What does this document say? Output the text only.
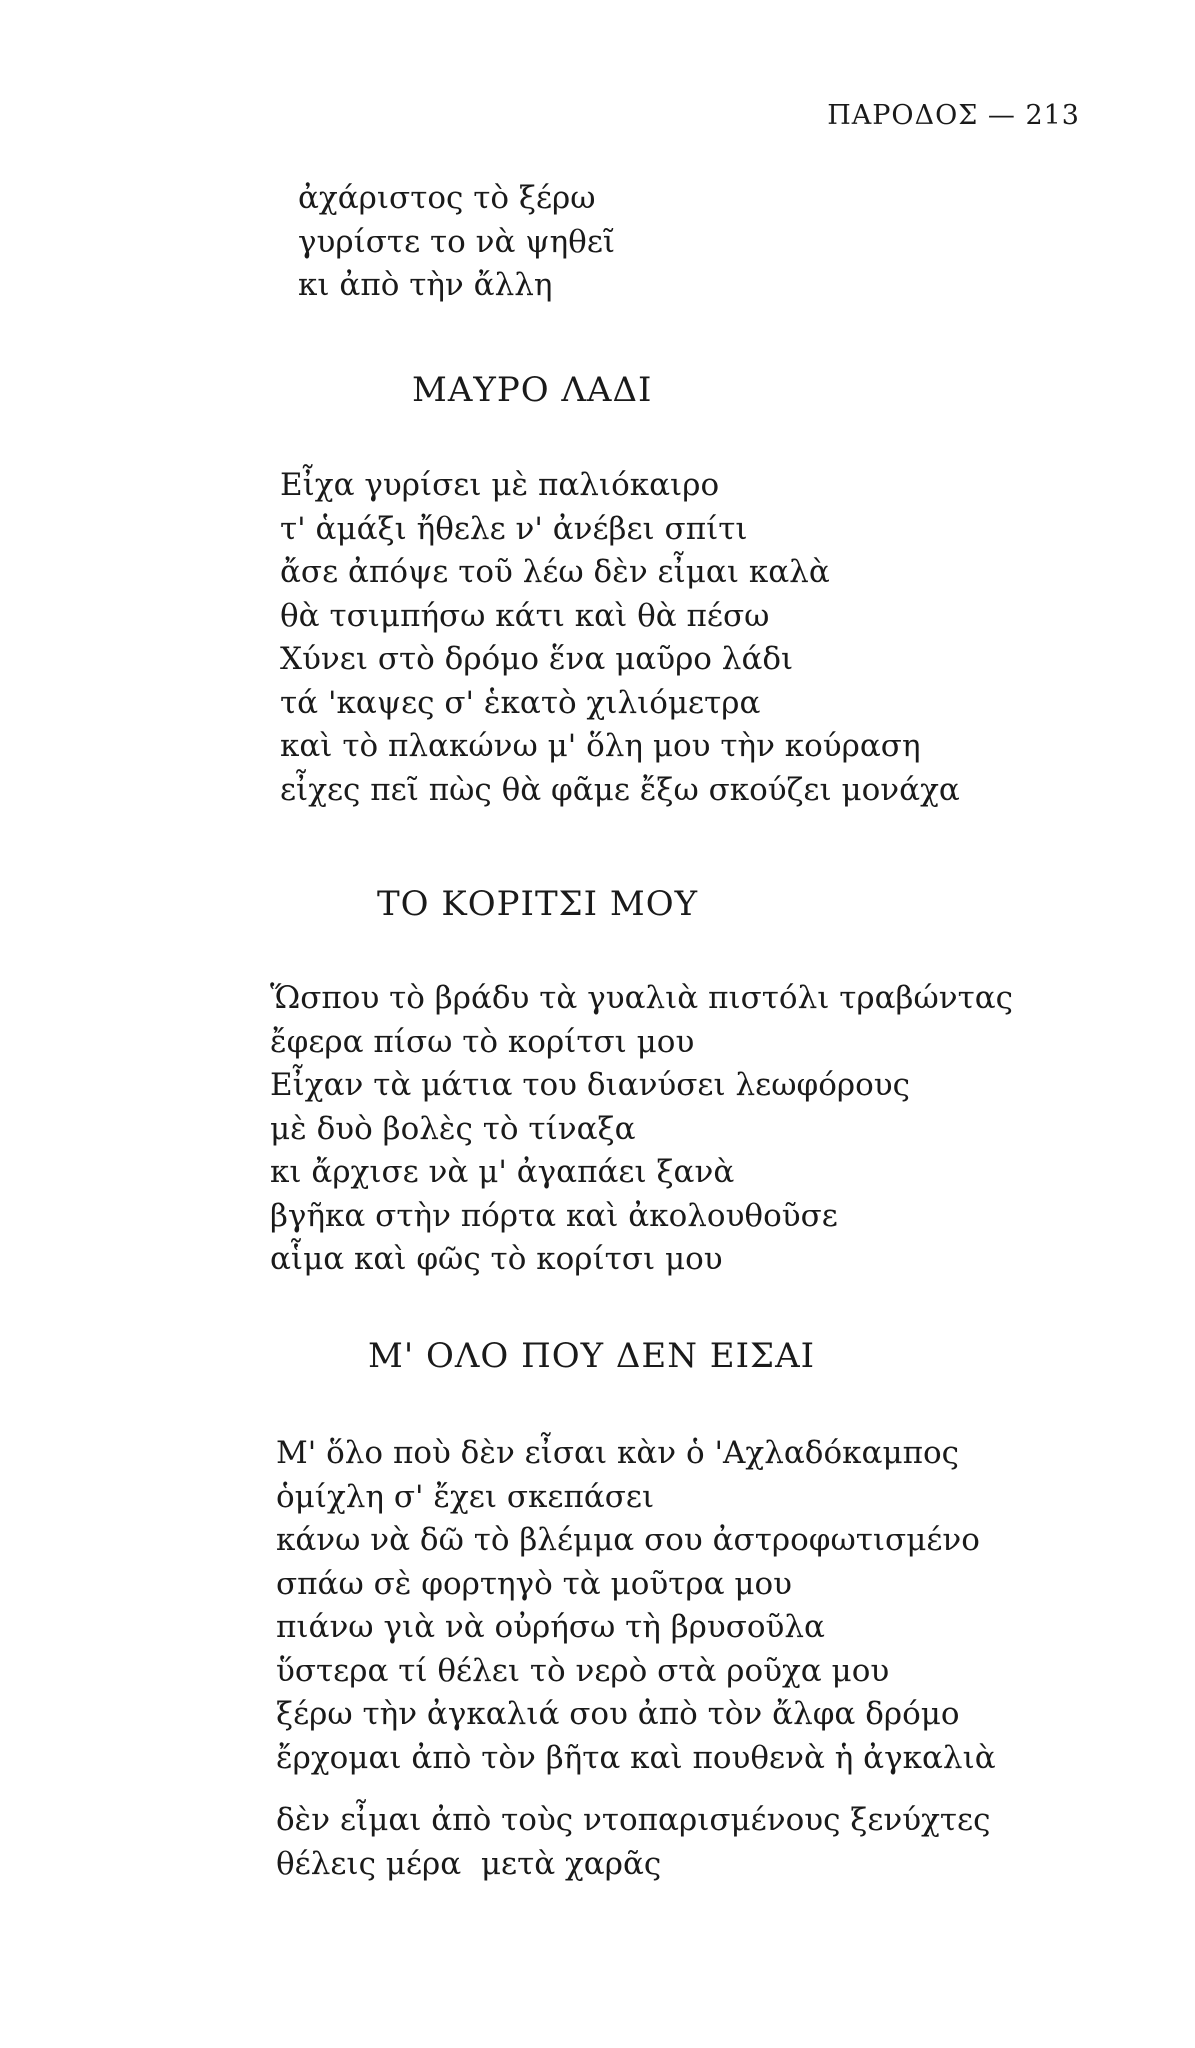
ΠΑΡΟΔΟΣ — 213
ἀχάριστος τὸ ξέρω
γυρίστε το νὰ ψηθεῖ
κι ἀπὸ τὴν ἄλλη
ΜΑΥΡΟ ΛΑΔΙ
Εἶχα γυρίσει μὲ παλιόκαιρο
τ' ἁμάξι ἤθελε ν' ἀνέβει σπίτι
ἄσε ἀπόψε τοῦ λέω δὲν εἶμαι καλὰ
θὰ τσιμπήσω κάτι καὶ θὰ πέσω
Χύνει στὸ δρόμο ἕνα μαῦρο λάδι
τά 'καψες σ' ἑκατὸ χιλιόμετρα
καὶ τὸ πλακώνω μ' ὅλη μου τὴν κούραση
εἶχες πεῖ πὼς θὰ φᾶμε ἔξω σκούζει μονάχα
ΤΟ ΚΟΡΙΤΣΙ ΜΟΥ
Ὥσπου τὸ βράδυ τὰ γυαλιὰ πιστόλι τραβώντας
ἔφερα πίσω τὸ κορίτσι μου
Εἶχαν τὰ μάτια του διανύσει λεωφόρους
μὲ δυὸ βολὲς τὸ τίναξα
κι ἄρχισε νὰ μ' ἀγαπάει ξανὰ
βγῆκα στὴν πόρτα καὶ ἀκολουθοῦσε
αἷμα καὶ φῶς τὸ κορίτσι μου
Μ' ΟΛΟ ΠΟΥ ΔΕΝ ΕΙΣΑΙ
Μ' ὅλο ποὺ δὲν εἶσαι κὰν ὁ 'Αχλαδόκαμπος
ὁμίχλη σ' ἔχει σκεπάσει
κάνω νὰ δῶ τὸ βλέμμα σου ἀστροφωτισμένο
σπάω σὲ φορτηγὸ τὰ μοῦτρα μου
πιάνω γιὰ νὰ οὐρήσω τὴ βρυσοῦλα
ὕστερα τί θέλει τὸ νερὸ στὰ ροῦχα μου
ξέρω τὴν ἀγκαλιά σου ἀπὸ τὸν ἄλφα δρόμο
ἔρχομαι ἀπὸ τὸν βῆτα καὶ πουθενὰ ἡ ἀγκαλιὰ
δὲν εἶμαι ἀπὸ τοὺς ντοπαρισμένους ξενύχτες
θέλεις μέρα  μετὰ χαρᾶς
